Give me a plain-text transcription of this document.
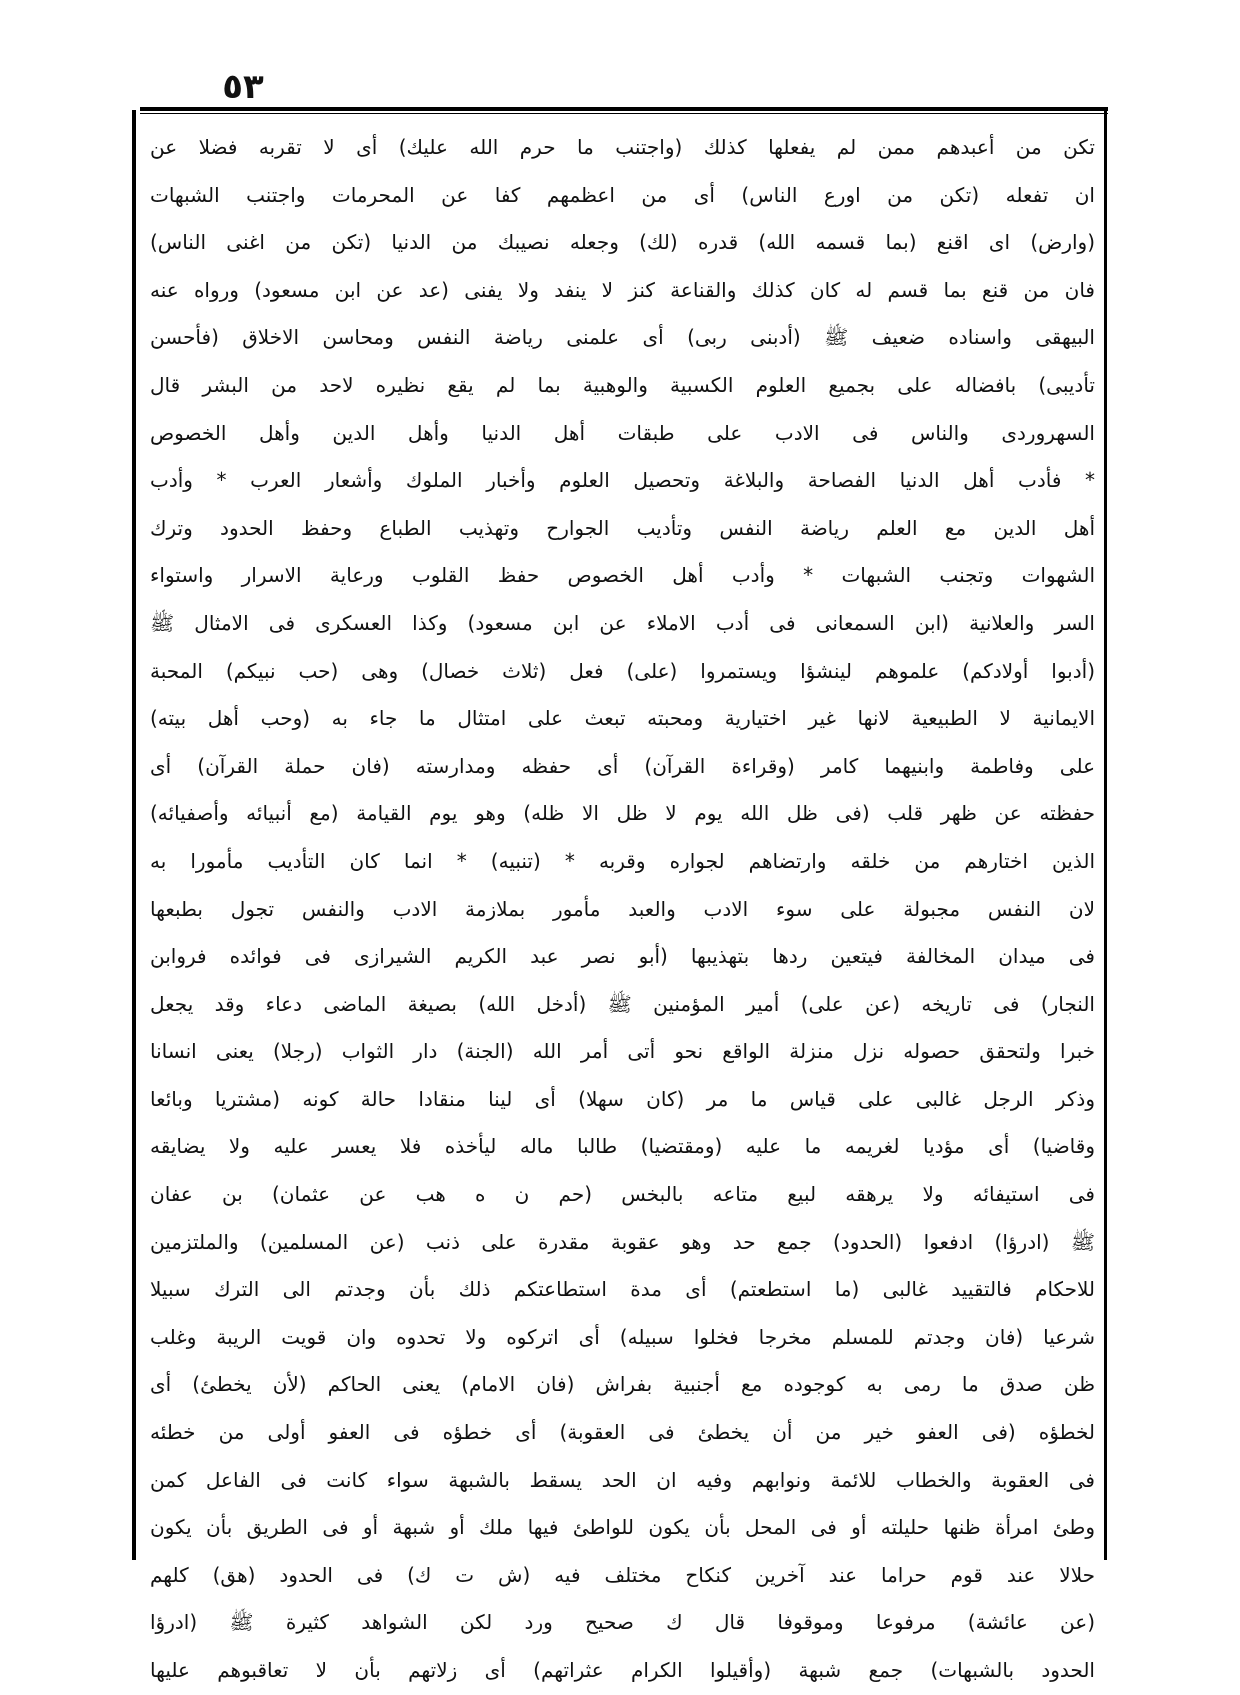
٥٣
تكن من أعبدهم ممن لم يفعلها كذلك (واجتنب ما حرم الله عليك) أى لا تقربه فضلا عن
ان تفعله (تكن من اورع الناس) أى من اعظمهم كفا عن المحرمات واجتنب الشبهات
(وارض) اى اقنع (بما قسمه الله) قدره (لك) وجعله نصيبك من الدنيا (تكن من اغنى الناس)
فان من قنع بما قسم له كان كذلك والقناعة كنز لا ينفد ولا يفنى (عد عن ابن مسعود) ورواه عنه
البيهقى واسناده ضعيف ﷺ (أدبنى ربى) أى علمنى رياضة النفس ومحاسن الاخلاق (فأحسن
تأديبى) بافضاله على بجميع العلوم الكسبية والوهبية بما لم يقع نظيره لاحد من البشر قال
السهروردى والناس فى الادب على طبقات أهل الدنيا وأهل الدين وأهل الخصوص
* فأدب أهل الدنيا الفصاحة والبلاغة وتحصيل العلوم وأخبار الملوك وأشعار العرب * وأدب
أهل الدين مع العلم رياضة النفس وتأديب الجوارح وتهذيب الطباع وحفظ الحدود وترك
الشهوات وتجنب الشبهات * وأدب أهل الخصوص حفظ القلوب ورعاية الاسرار واستواء
السر والعلانية (ابن السمعانى فى أدب الاملاء عن ابن مسعود) وكذا العسكرى فى الامثال ﷺ
(أدبوا أولادكم) علموهم لينشؤا ويستمروا (على) فعل (ثلاث خصال) وهى (حب نبيكم) المحبة
الايمانية لا الطبيعية لانها غير اختيارية ومحبته تبعث على امتثال ما جاء به (وحب أهل بيته)
على وفاطمة وابنيهما كامر (وقراءة القرآن) أى حفظه ومدارسته (فان حملة القرآن) أى
حفظته عن ظهر قلب (فى ظل الله يوم لا ظل الا ظله) وهو يوم القيامة (مع أنبيائه وأصفيائه)
الذين اختارهم من خلقه وارتضاهم لجواره وقربه * (تنبيه) * انما كان التأديب مأمورا به
لان النفس مجبولة على سوء الادب والعبد مأمور بملازمة الادب والنفس تجول بطبعها
فى ميدان المخالفة فيتعين ردها بتهذيبها (أبو نصر عبد الكريم الشيرازى فى فوائده فروابن
النجار) فى تاريخه (عن على) أمير المؤمنين ﷺ (أدخل الله) بصيغة الماضى دعاء وقد يجعل
خبرا ولتحقق حصوله نزل منزلة الواقع نحو أتى أمر الله (الجنة) دار الثواب (رجلا) يعنى انسانا
وذكر الرجل غالبى على قياس ما مر (كان سهلا) أى لينا منقادا حالة كونه (مشتريا وبائعا
وقاضيا) أى مؤديا لغريمه ما عليه (ومقتضيا) طالبا ماله ليأخذه فلا يعسر عليه ولا يضايقه
فى استيفائه ولا يرهقه لبيع متاعه بالبخس (حم ن ه هب عن عثمان) بن عفان
ﷺ (ادرؤا) ادفعوا (الحدود) جمع حد وهو عقوبة مقدرة على ذنب (عن المسلمين) والملتزمين
للاحكام فالتقييد غالبى (ما استطعتم) أى مدة استطاعتكم ذلك بأن وجدتم الى الترك سبيلا
شرعيا (فان وجدتم للمسلم مخرجا فخلوا سبيله) أى اتركوه ولا تحدوه وان قويت الريبة وغلب
ظن صدق ما رمى به كوجوده مع أجنبية بفراش (فان الامام) يعنى الحاكم (لأن يخطئ) أى
لخطؤه (فى العفو خير من أن يخطئ فى العقوبة) أى خطؤه فى العفو أولى من خطئه
فى العقوبة والخطاب للائمة ونوابهم وفيه ان الحد يسقط بالشبهة سواء كانت فى الفاعل كمن
وطئ امرأة ظنها حليلته أو فى المحل بأن يكون للواطئ فيها ملك أو شبهة أو فى الطريق بأن يكون
حلالا عند قوم حراما عند آخرين كنكاح مختلف فيه (ش ت ك) فى الحدود (هق) كلهم
(عن عائشة) مرفوعا وموقوفا قال ك صحيح ورد لكن الشواهد كثيرة ﷺ (ادرؤا
الحدود بالشبهات) جمع شبهة (وأقيلوا الكرام عثراتهم) أى زلاتهم بأن لا تعاقبوهم عليها
